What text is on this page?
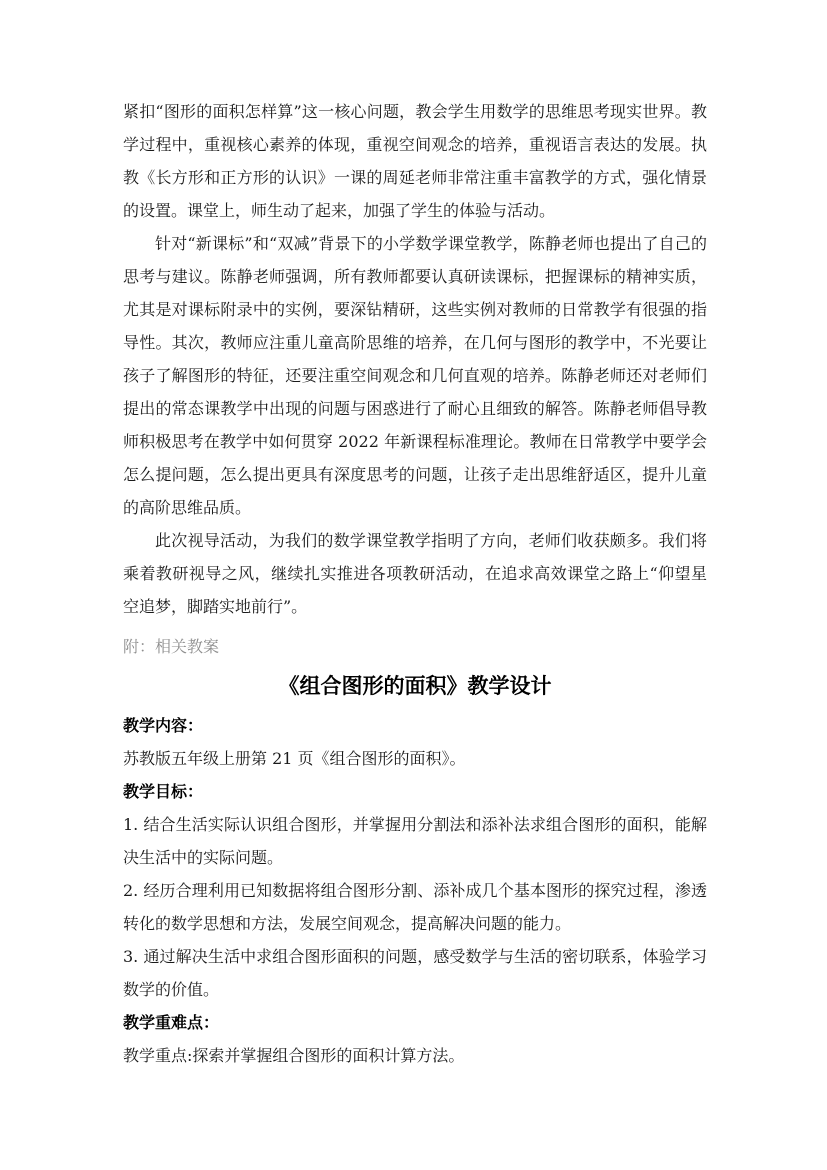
紧扣“图形的面积怎样算”这一核心问题，教会学生用数学的思维思考现实世界。教学过程中，重视核心素养的体现，重视空间观念的培养，重视语言表达的发展。执教《长方形和正方形的认识》一课的周延老师非常注重丰富教学的方式，强化情景的设置。课堂上，师生动了起来，加强了学生的体验与活动。

针对“新课标”和“双减”背景下的小学数学课堂教学，陈静老师也提出了自己的思考与建议。陈静老师强调，所有教师都要认真研读课标，把握课标的精神实质，尤其是对课标附录中的实例，要深钻精研，这些实例对教师的日常教学有很强的指导性。其次，教师应注重儿童高阶思维的培养，在几何与图形的教学中，不光要让孩子了解图形的特征，还要注重空间观念和几何直观的培养。陈静老师还对老师们提出的常态课教学中出现的问题与困惑进行了耐心且细致的解答。陈静老师倡导教师积极思考在教学中如何贯穿 2022 年新课程标准理论。教师在日常教学中要学会怎么提问题，怎么提出更具有深度思考的问题，让孩子走出思维舒适区，提升儿童的高阶思维品质。

此次视导活动，为我们的数学课堂教学指明了方向，老师们收获颇多。我们将乘着教研视导之风，继续扎实推进各项教研活动，在追求高效课堂之路上“仰望星空追梦，脚踏实地前行”。

附：相关教案

《组合图形的面积》教学设计
教学内容：

苏教版五年级上册第 21 页《组合图形的面积》。

教学目标：

1. 结合生活实际认识组合图形，并掌握用分割法和添补法求组合图形的面积，能解决生活中的实际问题。

2. 经历合理利用已知数据将组合图形分割、添补成几个基本图形的探究过程，渗透转化的数学思想和方法，发展空间观念，提高解决问题的能力。

3. 通过解决生活中求组合图形面积的问题，感受数学与生活的密切联系，体验学习数学的价值。

教学重难点：

教学重点:探索并掌握组合图形的面积计算方法。
